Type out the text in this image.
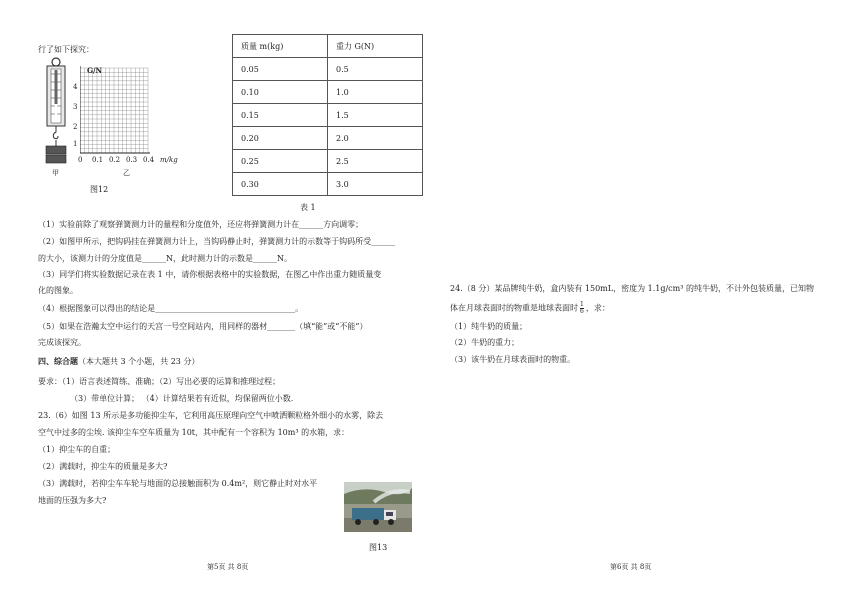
行了如下探究：
甲
G/N
4
3
2
1
0 0.1 0.2 0.3 0.4 m/kg
乙
图12
质量 m(kg)	重力 G(N)
0.05	0.5
0.10	1.0
0.15	1.5
0.20	2.0
0.25	2.5
0.30	3.0
表 1
（1）实验前除了观察弹簧测力计的量程和分度值外，还应将弹簧测力计在______方向调零；
（2）如图甲所示，把钩码挂在弹簧测力计上，当钩码静止时，弹簧测力计的示数等于钩码所受______
的大小，该测力计的分度值是______N，此时测力计的示数是______N。
（3）同学们将实验数据记录在表 1 中，请你根据表格中的实验数据，在图乙中作出重力随质量变
化的图象。
（4）根据图象可以得出的结论是___________________________________。
（5）如果在浩瀚太空中运行的天宫一号空间站内，用同样的器材_______（填“能”或“不能”）
完成该探究。
四、综合题（本大题共 3 个小题，共 23 分）
要求：（1）语言表述简练、准确；（2）写出必要的运算和推理过程；
（3）带单位计算； （4）计算结果若有近似，均保留两位小数.
23.（6）如图 13 所示是多功能抑尘车，它利用高压原理向空气中喷洒颗粒格外细小的水雾，除去
空气中过多的尘埃. 该抑尘车空车质量为 10t，其中配有一个容积为 10m³ 的水箱，求：
（1）抑尘车的自重；
（2）满载时，抑尘车的质量是多大?
（3）满载时，若抑尘车车轮与地面的总接触面积为 0.4m²，则它静止时对水平
地面的压强为多大?
图13
第5页 共 8页
24.（8 分）某品牌纯牛奶，盒内装有 150mL，密度为 1.1g/cm³ 的纯牛奶，不计外包装质量，已知物
体在月球表面时的物重是地球表面时 $\frac{1}{6}$ ，求：
（1）纯牛奶的质量；
（2）牛奶的重力；
（3）该牛奶在月球表面时的物重。
第6页 共 8页
